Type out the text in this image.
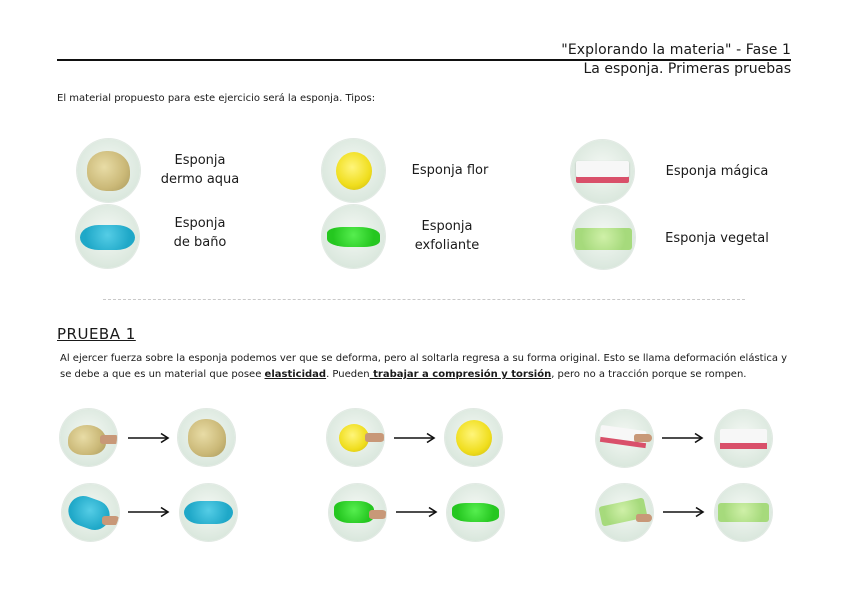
"Explorando la materia" - Fase 1
La esponja. Primeras pruebas
El material propuesto para este ejercicio será la esponja. Tipos:
Esponja
dermo aqua
Esponja flor	Esponja mágica
Esponja
de baño
Esponja
exfoliante	Esponja vegetal
PRUEBA 1
Al ejercer fuerza sobre la esponja podemos ver que se deforma, pero al soltarla regresa a su forma original. Esto se llama deformación elástica y se debe a que es un material que posee elasticidad. Pueden trabajar a compresión y torsión, pero no a tracción porque se rompen.
